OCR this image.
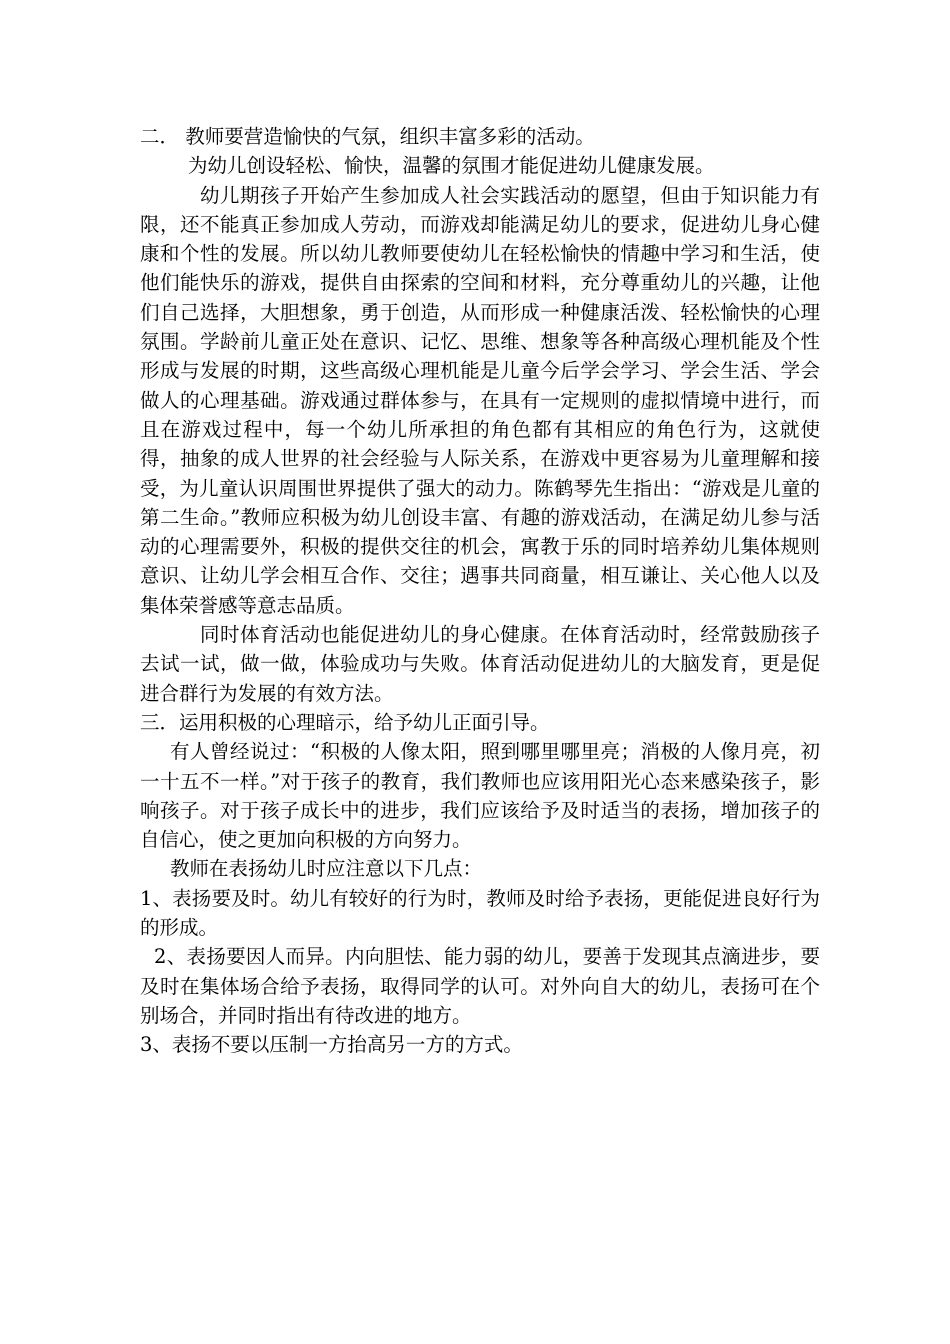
二． 教师要营造愉快的气氛，组织丰富多彩的活动。

为幼儿创设轻松、愉快，温馨的氛围才能促进幼儿健康发展。

幼儿期孩子开始产生参加成人社会实践活动的愿望，但由于知识能力有限，还不能真正参加成人劳动，而游戏却能满足幼儿的要求，促进幼儿身心健康和个性的发展。所以幼儿教师要使幼儿在轻松愉快的情趣中学习和生活，使他们能快乐的游戏，提供自由探索的空间和材料，充分尊重幼儿的兴趣，让他们自己选择，大胆想象，勇于创造，从而形成一种健康活泼、轻松愉快的心理氛围。学龄前儿童正处在意识、记忆、思维、想象等各种高级心理机能及个性形成与发展的时期，这些高级心理机能是儿童今后学会学习、学会生活、学会做人的心理基础。游戏通过群体参与，在具有一定规则的虚拟情境中进行，而且在游戏过程中，每一个幼儿所承担的角色都有其相应的角色行为，这就使得，抽象的成人世界的社会经验与人际关系，在游戏中更容易为儿童理解和接受，为儿童认识周围世界提供了强大的动力。陈鹤琴先生指出：“游戏是儿童的第二生命。”教师应积极为幼儿创设丰富、有趣的游戏活动，在满足幼儿参与活动的心理需要外，积极的提供交往的机会，寓教于乐的同时培养幼儿集体规则意识、让幼儿学会相互合作、交往；遇事共同商量，相互谦让、关心他人以及集体荣誉感等意志品质。

同时体育活动也能促进幼儿的身心健康。在体育活动时，经常鼓励孩子去试一试，做一做，体验成功与失败。体育活动促进幼儿的大脑发育，更是促进合群行为发展的有效方法。

三．运用积极的心理暗示，给予幼儿正面引导。

有人曾经说过：“积极的人像太阳，照到哪里哪里亮；消极的人像月亮，初一十五不一样。”对于孩子的教育，我们教师也应该用阳光心态来感染孩子，影响孩子。对于孩子成长中的进步，我们应该给予及时适当的表扬，增加孩子的自信心，使之更加向积极的方向努力。

教师在表扬幼儿时应注意以下几点：

1、表扬要及时。幼儿有较好的行为时，教师及时给予表扬，更能促进良好行为的形成。

2、表扬要因人而异。内向胆怯、能力弱的幼儿，要善于发现其点滴进步，要及时在集体场合给予表扬，取得同学的认可。对外向自大的幼儿，表扬可在个别场合，并同时指出有待改进的地方。

3、表扬不要以压制一方抬高另一方的方式。
